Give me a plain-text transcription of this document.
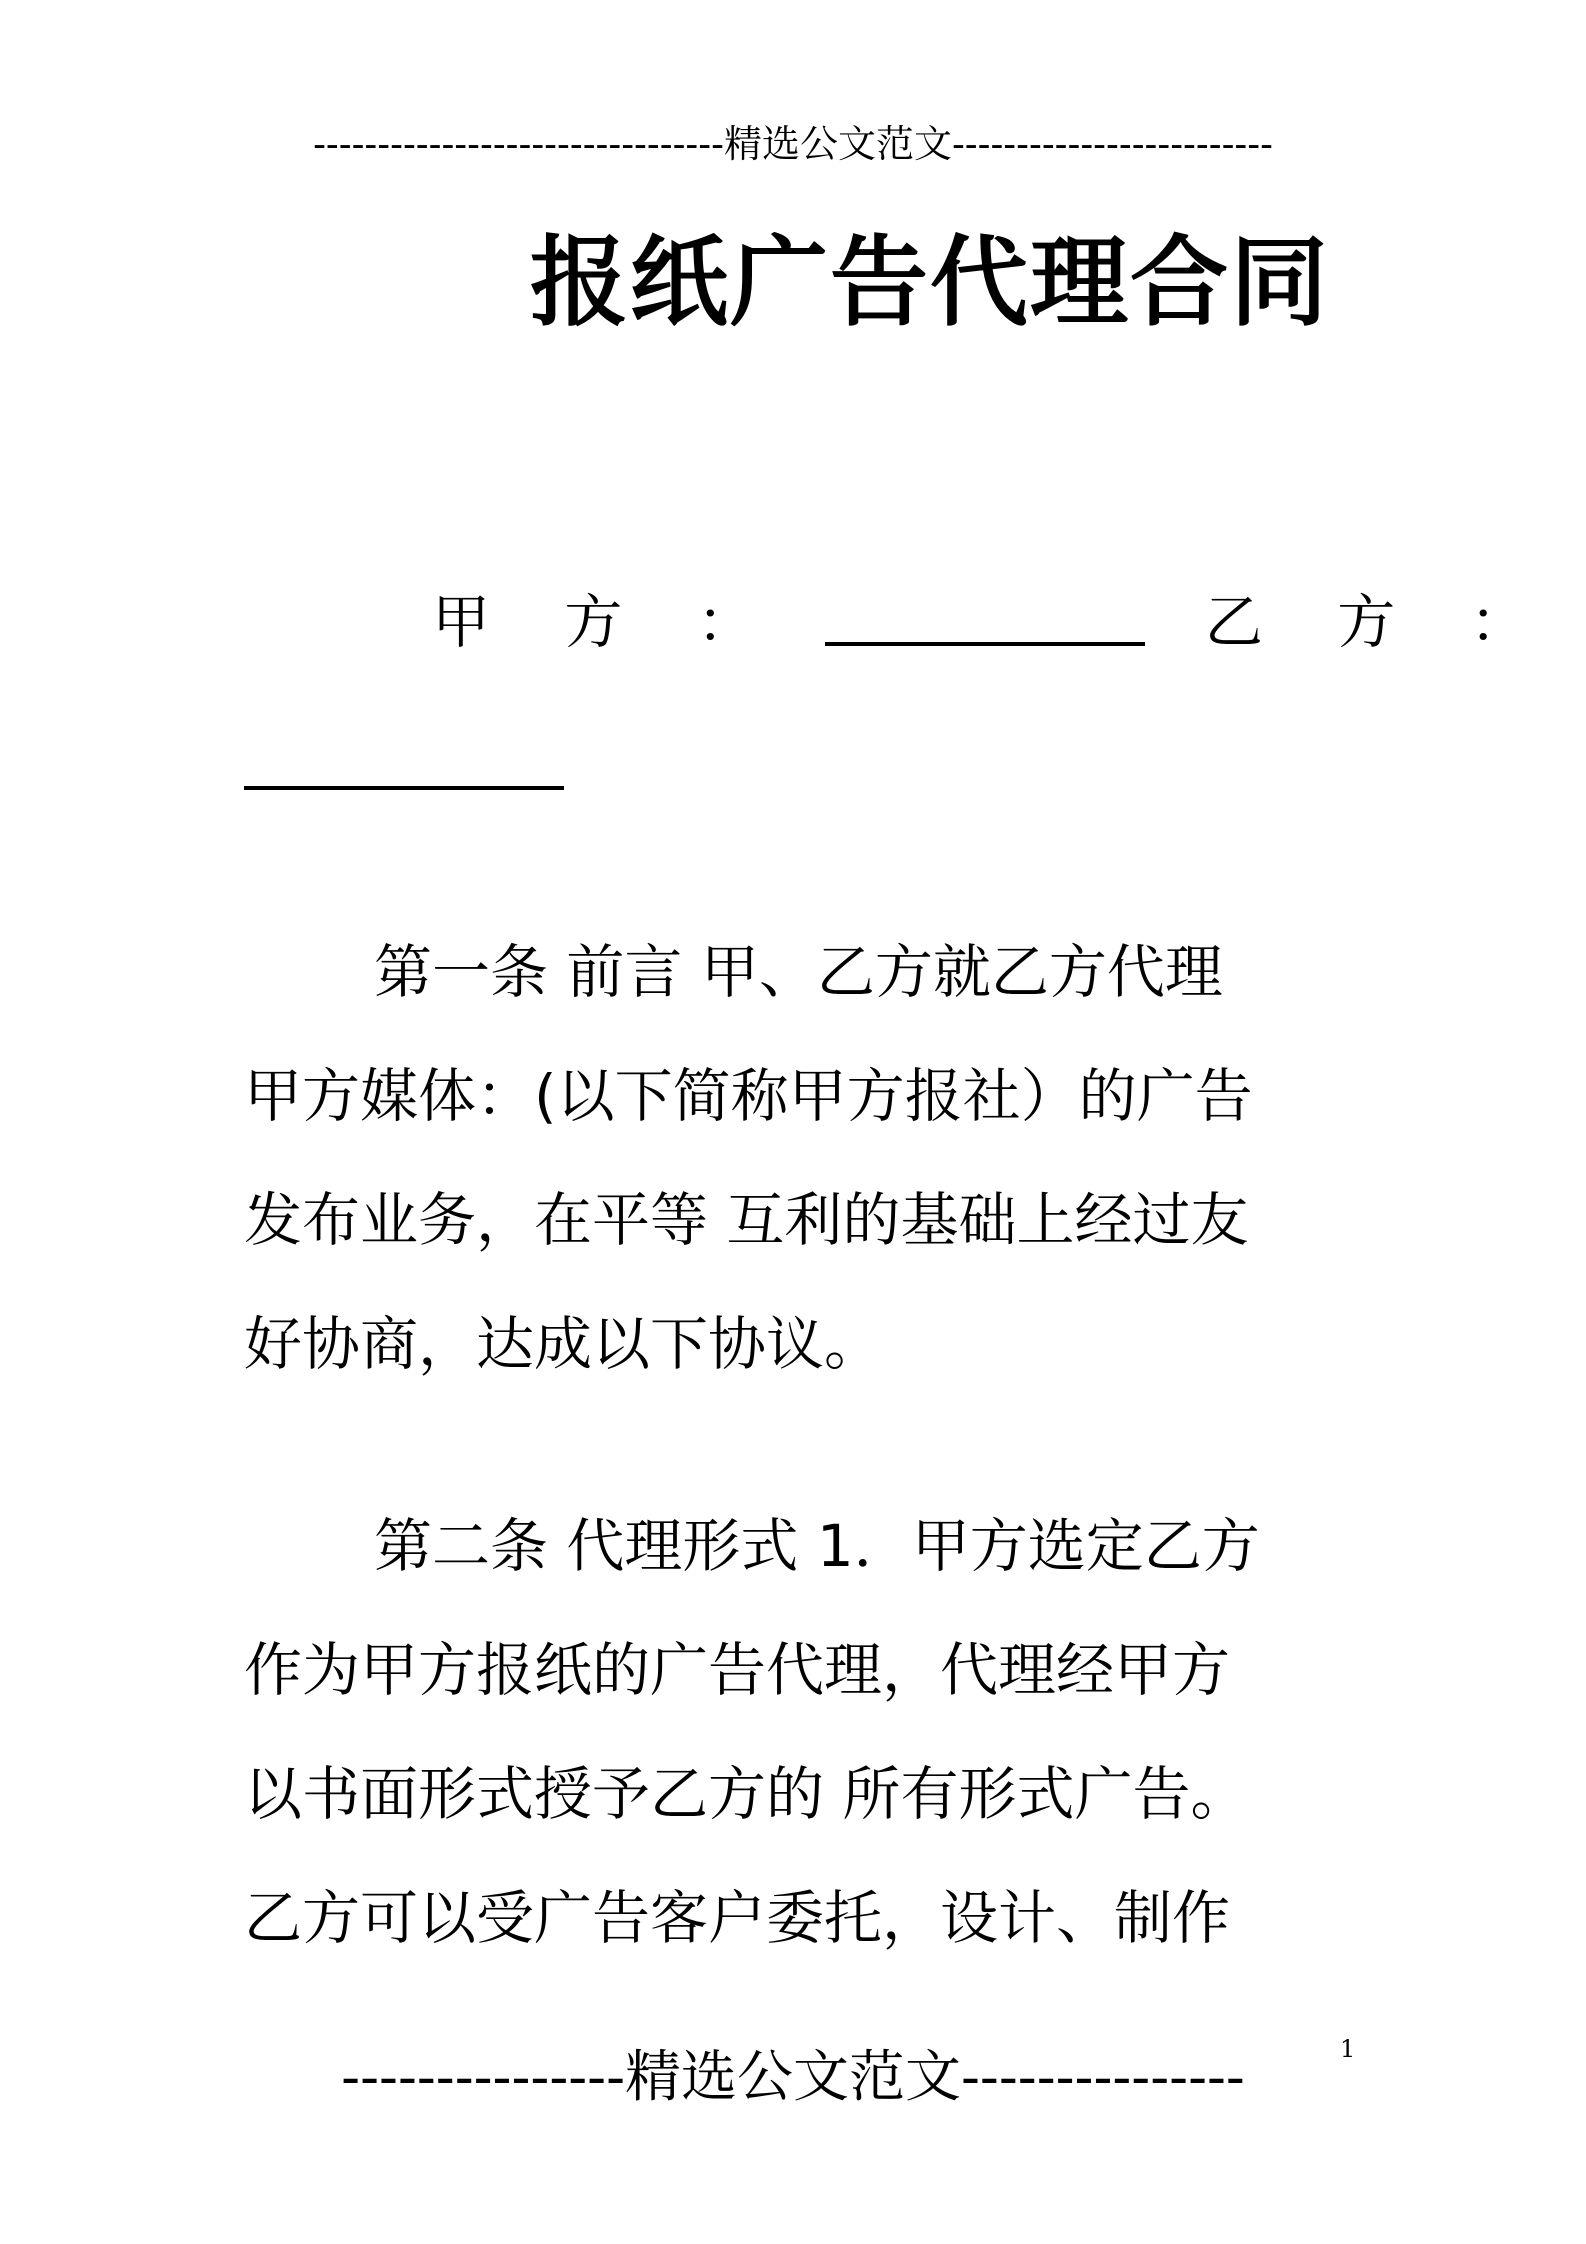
--------------------------------精选公文范文-------------------------
报纸广告代理合同
甲 方 ：	乙 方 ：
第一条 前言 甲、乙方就乙方代理
甲方媒体：(以下简称甲方报社）的广告
发布业务，在平等 互利的基础上经过友
好协商，达成以下协议。
第二条 代理形式 1．甲方选定乙方
作为甲方报纸的广告代理，代理经甲方
以书面形式授予乙方的 所有形式广告。
乙方可以受广告客户委托，设计、制作
---------------精选公文范文---------------	1
